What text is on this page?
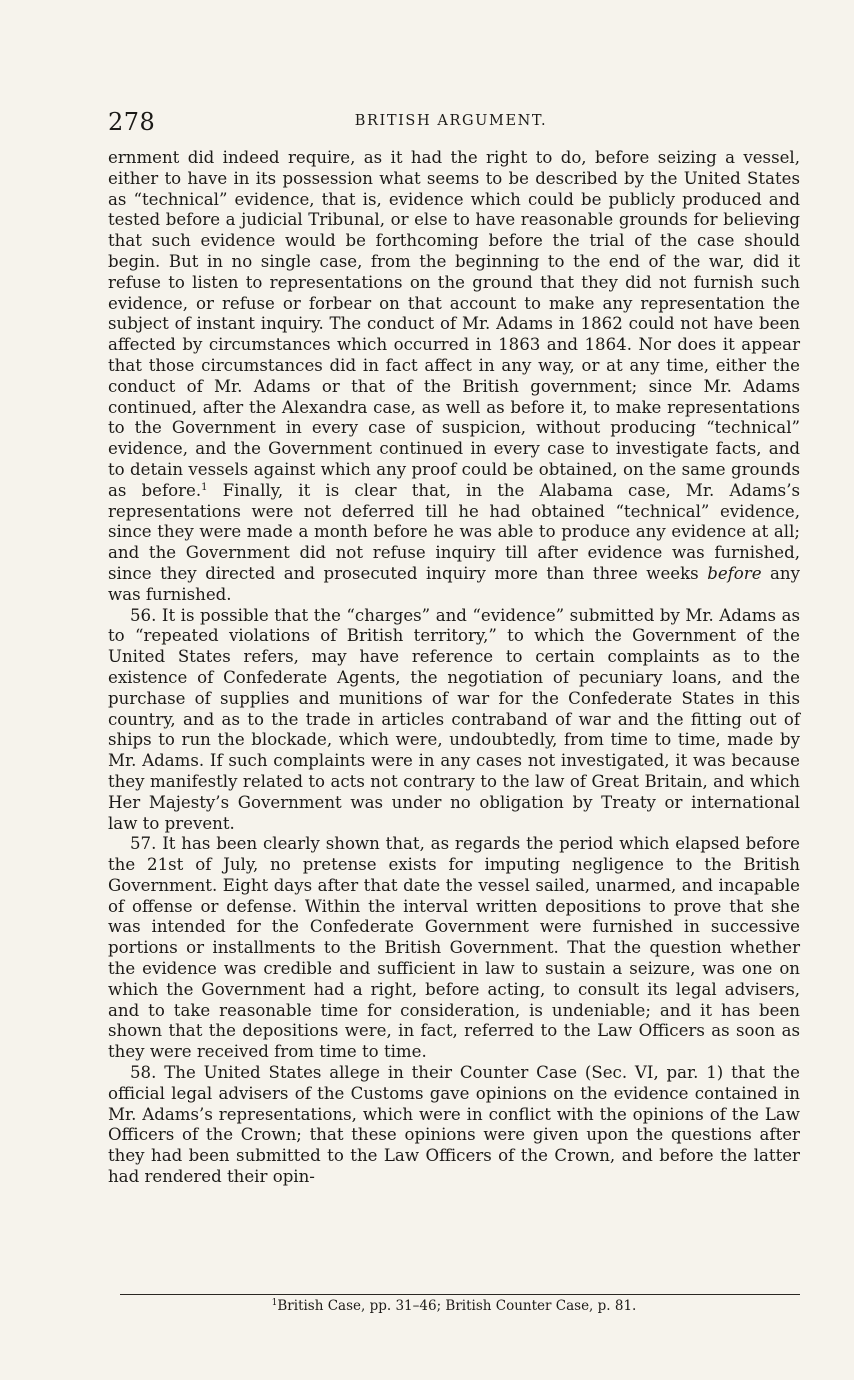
278	BRITISH ARGUMENT.

ernment did indeed require, as it had the right to do, before seizing a vessel, either to have in its possession what seems to be described by the United States as “technical” evidence, that is, evidence which could be publicly produced and tested before a judicial Tribunal, or else to have reasonable grounds for believing that such evidence would be forthcoming before the trial of the case should begin. But in no single case, from the beginning to the end of the war, did it refuse to listen to representations on the ground that they did not furnish such evidence, or refuse or forbear on that account to make any representation the subject of instant inquiry. The conduct of Mr. Adams in 1862 could not have been affected by circumstances which occurred in 1863 and 1864. Nor does it appear that those circumstances did in fact affect in any way, or at any time, either the conduct of Mr. Adams or that of the British government; since Mr. Adams continued, after the Alexandra case, as well as before it, to make representations to the Government in every case of suspicion, without producing “technical” evidence, and the Government continued in every case to investigate facts, and to detain vessels against which any proof could be obtained, on the same grounds as before.$^1$ Finally, it is clear that, in the Alabama case, Mr. Adams’s representations were not deferred till he had obtained “technical” evidence, since they were made a month before he was able to produce any evidence at all; and the Government did not refuse inquiry till after evidence was furnished, since they directed and prosecuted inquiry more than three weeks before any was furnished.

56. It is possible that the “charges” and “evidence” submitted by Mr. Adams as to “repeated violations of British territory,” to which the Government of the United States refers, may have reference to certain complaints as to the existence of Confederate Agents, the negotiation of pecuniary loans, and the purchase of supplies and munitions of war for the Confederate States in this country, and as to the trade in articles contraband of war and the fitting out of ships to run the blockade, which were, undoubtedly, from time to time, made by Mr. Adams. If such complaints were in any cases not investigated, it was because they manifestly related to acts not contrary to the law of Great Britain, and which Her Majesty’s Government was under no obligation by Treaty or international law to prevent.

57. It has been clearly shown that, as regards the period which elapsed before the 21st of July, no pretense exists for imputing negligence to the British Government. Eight days after that date the vessel sailed, unarmed, and incapable of offense or defense. Within the interval written depositions to prove that she was intended for the Confederate Government were furnished in successive portions or installments to the British Government. That the question whether the evidence was credible and sufficient in law to sustain a seizure, was one on which the Government had a right, before acting, to consult its legal advisers, and to take reasonable time for consideration, is undeniable; and it has been shown that the depositions were, in fact, referred to the Law Officers as soon as they were received from time to time.

58. The United States allege in their Counter Case (Sec. VI, par. 1) that the official legal advisers of the Customs gave opinions on the evidence contained in Mr. Adams’s representations, which were in conflict with the opinions of the Law Officers of the Crown; that these opinions were given upon the questions after they had been submitted to the Law Officers of the Crown, and before the latter had rendered their opin-

$^1$British Case, pp. 31–46; British Counter Case, p. 81.
